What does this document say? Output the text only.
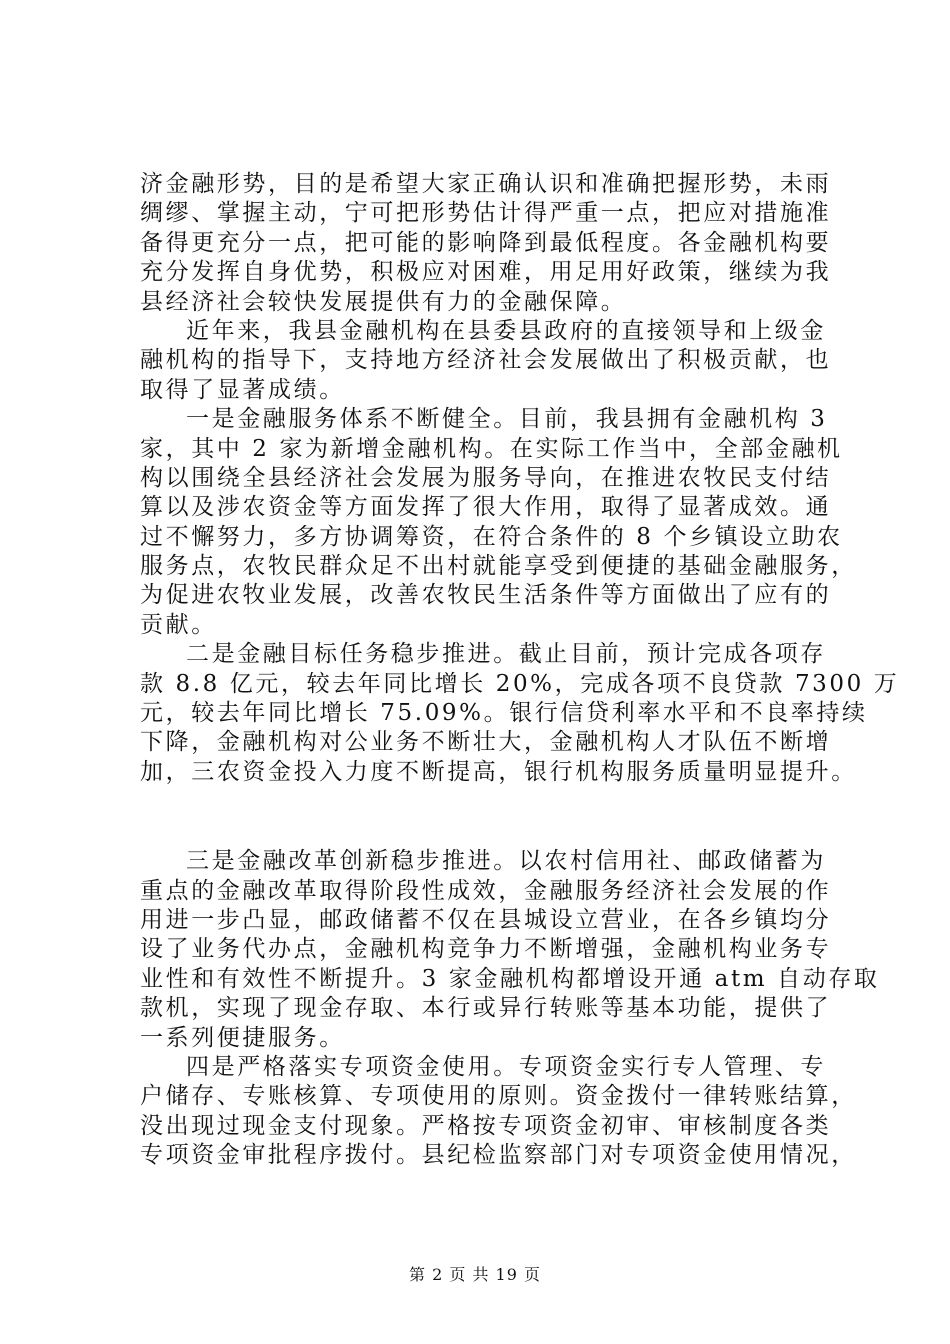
济金融形势，目的是希望大家正确认识和准确把握形势，未雨
绸缪、掌握主动，宁可把形势估计得严重一点，把应对措施准
备得更充分一点，把可能的影响降到最低程度。各金融机构要
充分发挥自身优势，积极应对困难，用足用好政策，继续为我
县经济社会较快发展提供有力的金融保障。
近年来，我县金融机构在县委县政府的直接领导和上级金
融机构的指导下，支持地方经济社会发展做出了积极贡献，也
取得了显著成绩。
一是金融服务体系不断健全。目前，我县拥有金融机构 3
家，其中 2 家为新增金融机构。在实际工作当中，全部金融机
构以围绕全县经济社会发展为服务导向，在推进农牧民支付结
算以及涉农资金等方面发挥了很大作用，取得了显著成效。通
过不懈努力，多方协调筹资，在符合条件的 8 个乡镇设立助农
服务点，农牧民群众足不出村就能享受到便捷的基础金融服务，
为促进农牧业发展，改善农牧民生活条件等方面做出了应有的
贡献。
二是金融目标任务稳步推进。截止目前，预计完成各项存
款 8.8 亿元，较去年同比增长 20%，完成各项不良贷款 7300 万
元，较去年同比增长 75.09%。银行信贷利率水平和不良率持续
下降，金融机构对公业务不断壮大，金融机构人才队伍不断增
加，三农资金投入力度不断提高，银行机构服务质量明显提升。
三是金融改革创新稳步推进。以农村信用社、邮政储蓄为
重点的金融改革取得阶段性成效，金融服务经济社会发展的作
用进一步凸显，邮政储蓄不仅在县城设立营业，在各乡镇均分
设了业务代办点，金融机构竞争力不断增强，金融机构业务专
业性和有效性不断提升。3 家金融机构都增设开通 atm 自动存取
款机，实现了现金存取、本行或异行转账等基本功能，提供了
一系列便捷服务。
四是严格落实专项资金使用。专项资金实行专人管理、专
户储存、专账核算、专项使用的原则。资金拨付一律转账结算，
没出现过现金支付现象。严格按专项资金初审、审核制度各类
专项资金审批程序拨付。县纪检监察部门对专项资金使用情况，
第 2 页 共 19 页
